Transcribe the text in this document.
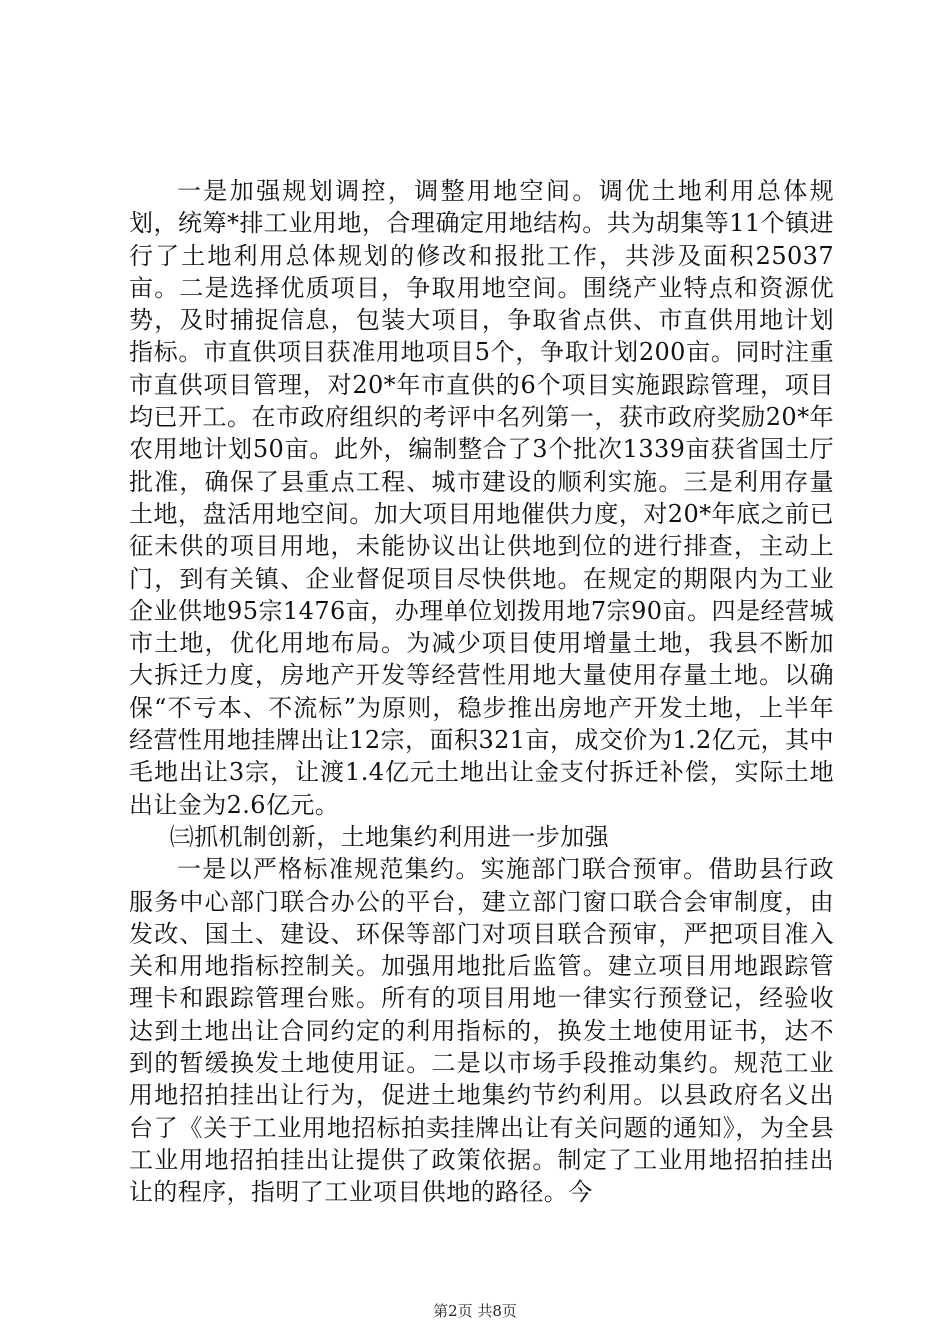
一是加强规划调控，调整用地空间。调优土地利用总体规划，统筹*排工业用地，合理确定用地结构。共为胡集等11个镇进行了土地利用总体规划的修改和报批工作，共涉及面积25037亩。二是选择优质项目，争取用地空间。围绕产业特点和资源优势，及时捕捉信息，包装大项目，争取省点供、市直供用地计划指标。市直供项目获准用地项目5个，争取计划200亩。同时注重市直供项目管理，对20*年市直供的6个项目实施跟踪管理，项目均已开工。在市政府组织的考评中名列第一，获市政府奖励20*年农用地计划50亩。此外，编制整合了3个批次1339亩获省国土厅批准，确保了县重点工程、城市建设的顺利实施。三是利用存量土地，盘活用地空间。加大项目用地催供力度，对20*年底之前已征未供的项目用地，未能协议出让供地到位的进行排查，主动上门，到有关镇、企业督促项目尽快供地。在规定的期限内为工业企业供地95宗1476亩，办理单位划拨用地7宗90亩。四是经营城市土地，优化用地布局。为减少项目使用增量土地，我县不断加大拆迁力度，房地产开发等经营性用地大量使用存量土地。以确保“不亏本、不流标”为原则，稳步推出房地产开发土地，上半年经营性用地挂牌出让12宗，面积321亩，成交价为1.2亿元，其中毛地出让3宗，让渡1.4亿元土地出让金支付拆迁补偿，实际土地出让金为2.6亿元。

㈢抓机制创新，土地集约利用进一步加强

一是以严格标准规范集约。实施部门联合预审。借助县行政服务中心部门联合办公的平台，建立部门窗口联合会审制度，由发改、国土、建设、环保等部门对项目联合预审，严把项目准入关和用地指标控制关。加强用地批后监管。建立项目用地跟踪管理卡和跟踪管理台账。所有的项目用地一律实行预登记，经验收达到土地出让合同约定的利用指标的，换发土地使用证书，达不到的暂缓换发土地使用证。二是以市场手段推动集约。规范工业用地招拍挂出让行为，促进土地集约节约利用。以县政府名义出台了《关于工业用地招标拍卖挂牌出让有关问题的通知》，为全县工业用地招拍挂出让提供了政策依据。制定了工业用地招拍挂出让的程序，指明了工业项目供地的路径。今

第2页 共8页
